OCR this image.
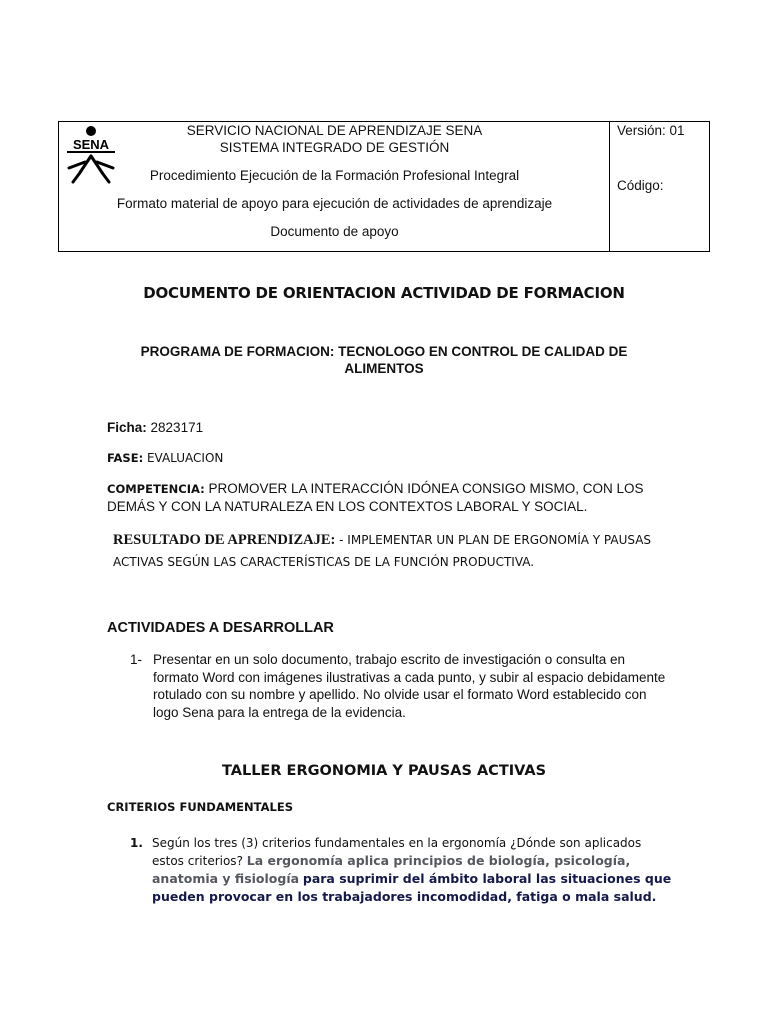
SENA
SERVICIO NACIONAL DE APRENDIZAJE SENA
SISTEMA INTEGRADO DE GESTIÓN
Procedimiento Ejecución de la Formación Profesional Integral
Formato material de apoyo para ejecución de actividades de aprendizaje
Documento de apoyo
Versión: 01
Código:
DOCUMENTO DE ORIENTACION ACTIVIDAD DE FORMACION
PROGRAMA DE FORMACION: TECNOLOGO EN CONTROL DE CALIDAD DE ALIMENTOS
Ficha: 2823171
FASE: EVALUACION
COMPETENCIA: PROMOVER LA INTERACCIÓN IDÓNEA CONSIGO MISMO, CON LOS DEMÁS Y CON LA NATURALEZA EN LOS CONTEXTOS LABORAL Y SOCIAL.
RESULTADO DE APRENDIZAJE: - IMPLEMENTAR UN PLAN DE ERGONOMÍA Y PAUSAS ACTIVAS SEGÚN LAS CARACTERÍSTICAS DE LA FUNCIÓN PRODUCTIVA.
ACTIVIDADES A DESARROLLAR
1- Presentar en un solo documento, trabajo escrito de investigación o consulta en formato Word con imágenes ilustrativas a cada punto, y subir al espacio debidamente rotulado con su nombre y apellido. No olvide usar el formato Word establecido con logo Sena para la entrega de la evidencia.
TALLER ERGONOMIA Y PAUSAS ACTIVAS
CRITERIOS FUNDAMENTALES
1. Según los tres (3) criterios fundamentales en la ergonomía ¿Dónde son aplicados estos criterios? La ergonomía aplica principios de biología, psicología, anatomia y fisiología para suprimir del ámbito laboral las situaciones que pueden provocar en los trabajadores incomodidad, fatiga o mala salud.
